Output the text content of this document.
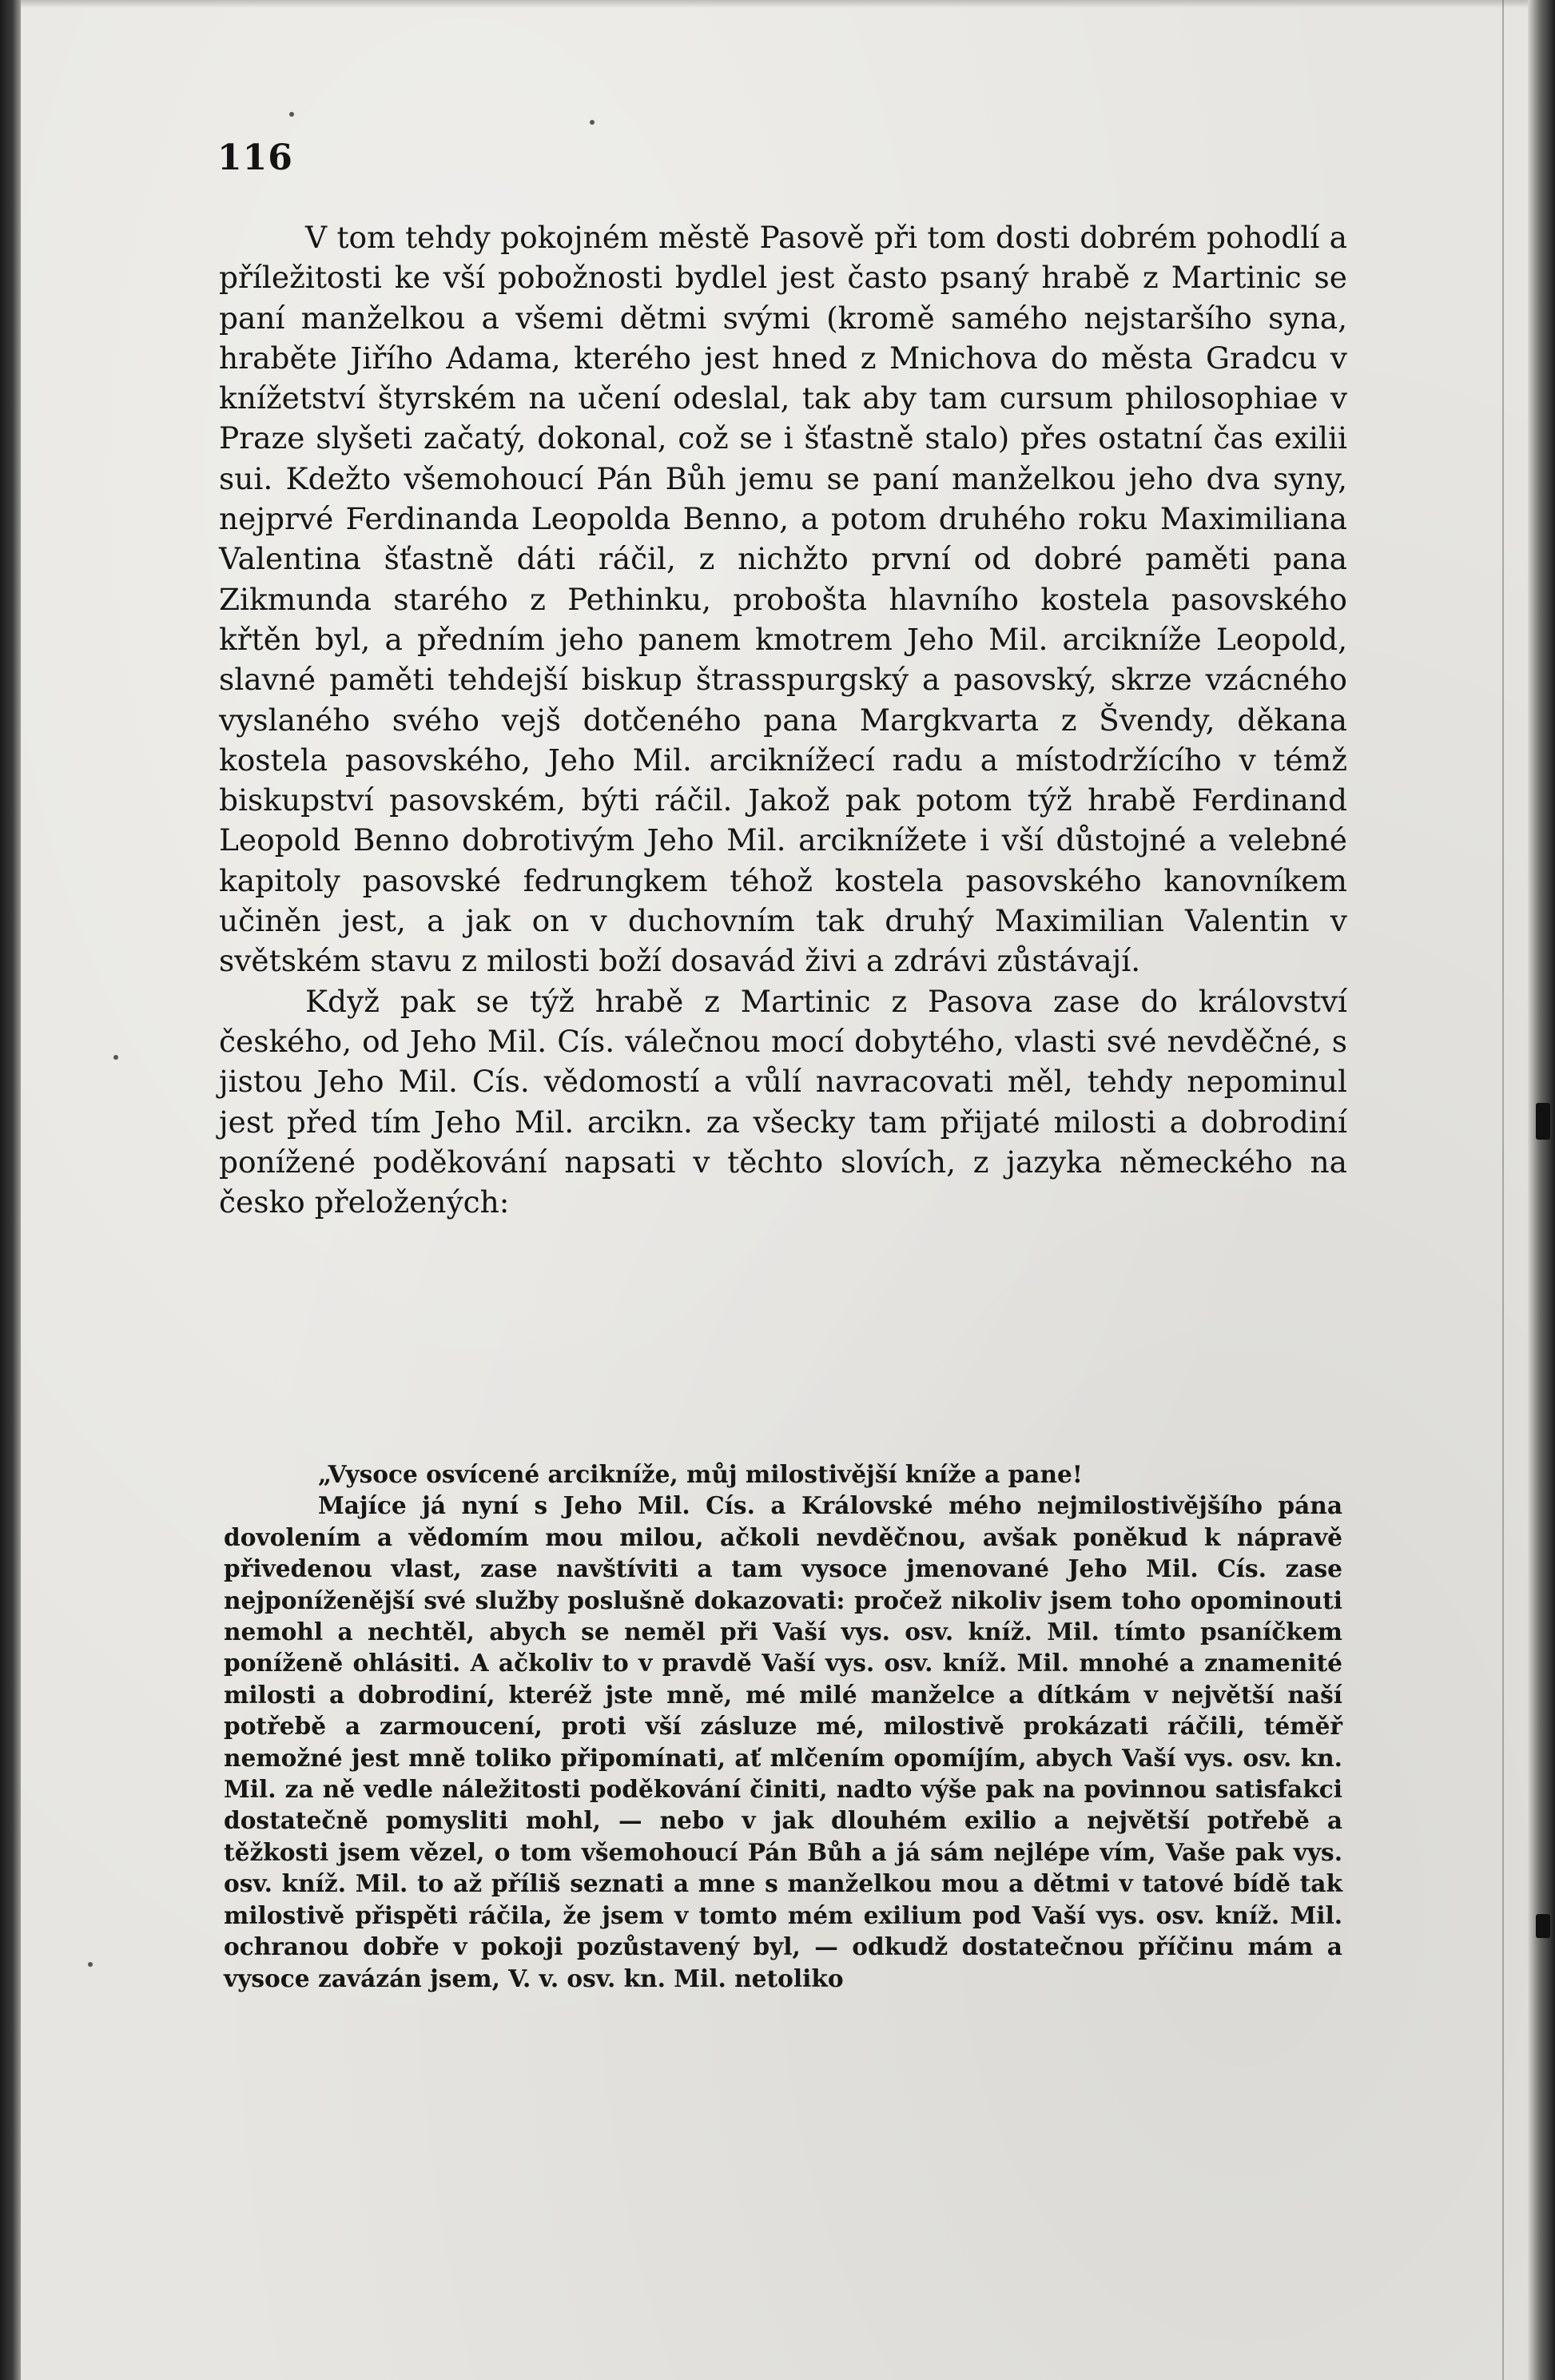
116

V tom tehdy pokojném městě Pasově při tom dosti dobrém pohodlí a příležitosti ke vší pobožnosti bydlel jest často psaný hrabě z Martinic se paní manželkou a všemi dětmi svými (kromě samého nejstaršího syna, hraběte Jiřího Adama, kterého jest hned z Mnichova do města Gradcu v knížetství štyrském na učení odeslal, tak aby tam cursum philosophiae v Praze slyšeti začatý, dokonal, což se i šťastně stalo) přes ostatní čas exilii sui. Kdežto všemohoucí Pán Bůh jemu se paní manželkou jeho dva syny, nejprvé Ferdinanda Leopolda Benno, a potom druhého roku Maximiliana Valentina šťastně dáti ráčil, z nichžto první od dobré paměti pana Zikmunda starého z Pethinku, probošta hlavního kostela pasovského křtěn byl, a předním jeho panem kmotrem Jeho Mil. arcikníže Leopold, slavné paměti tehdejší biskup štrasspurgský a pasovský, skrze vzácného vyslaného svého vejš dotčeného pana Margkvarta z Švendy, děkana kostela pasovského, Jeho Mil. arciknížecí radu a místodržícího v témž biskupství pasovském, býti ráčil. Jakož pak potom týž hrabě Ferdinand Leopold Benno dobrotivým Jeho Mil. arciknížete i vší důstojné a velebné kapitoly pasovské fedrungkem téhož kostela pasovského kanovníkem učiněn jest, a jak on v duchovním tak druhý Maximilian Valentin v světském stavu z milosti boží dosavád živi a zdrávi zůstávají.

Když pak se týž hrabě z Martinic z Pasova zase do království českého, od Jeho Mil. Cís. válečnou mocí dobytého, vlasti své nevděčné, s jistou Jeho Mil. Cís. vědomostí a vůlí navracovati měl, tehdy nepominul jest před tím Jeho Mil. arcikn. za všecky tam přijaté milosti a dobrodiní ponížené poděkování napsati v těchto slovích, z jazyka německého na česko přeložených:

„Vysoce osvícené arcikníže, můj milostivější kníže a pane!

Majíce já nyní s Jeho Mil. Cís. a Královské mého nejmilostivějšího pána dovolením a vědomím mou milou, ačkoli nevděčnou, avšak poněkud k nápravě přivedenou vlast, zase navštíviti a tam vysoce jmenované Jeho Mil. Cís. zase nejponíženější své služby poslušně dokazovati: pročež nikoliv jsem toho opominouti nemohl a nechtěl, abych se neměl při Vaší vys. osv. kníž. Mil. tímto psaníčkem poníženě ohlásiti. A ačkoliv to v pravdě Vaší vys. osv. kníž. Mil. mnohé a znamenité milosti a dobrodiní, kteréž jste mně, mé milé manželce a dítkám v největší naší potřebě a zarmoucení, proti vší zásluze mé, milostivě prokázati ráčili, téměř nemožné jest mně toliko připomínati, ať mlčením opomíjím, abych Vaší vys. osv. kn. Mil. za ně vedle náležitosti poděkování činiti, nadto výše pak na povinnou satisfakci dostatečně pomysliti mohl, — nebo v jak dlouhém exilio a největší potřebě a těžkosti jsem vězel, o tom všemohoucí Pán Bůh a já sám nejlépe vím, Vaše pak vys. osv. kníž. Mil. to až příliš seznati a mne s manželkou mou a dětmi v tatové bídě tak milostivě přispěti ráčila, že jsem v tomto mém exilium pod Vaší vys. osv. kníž. Mil. ochranou dobře v pokoji pozůstavený byl, — odkudž dostatečnou příčinu mám a vysoce zavázán jsem, V. v. osv. kn. Mil. netoliko
